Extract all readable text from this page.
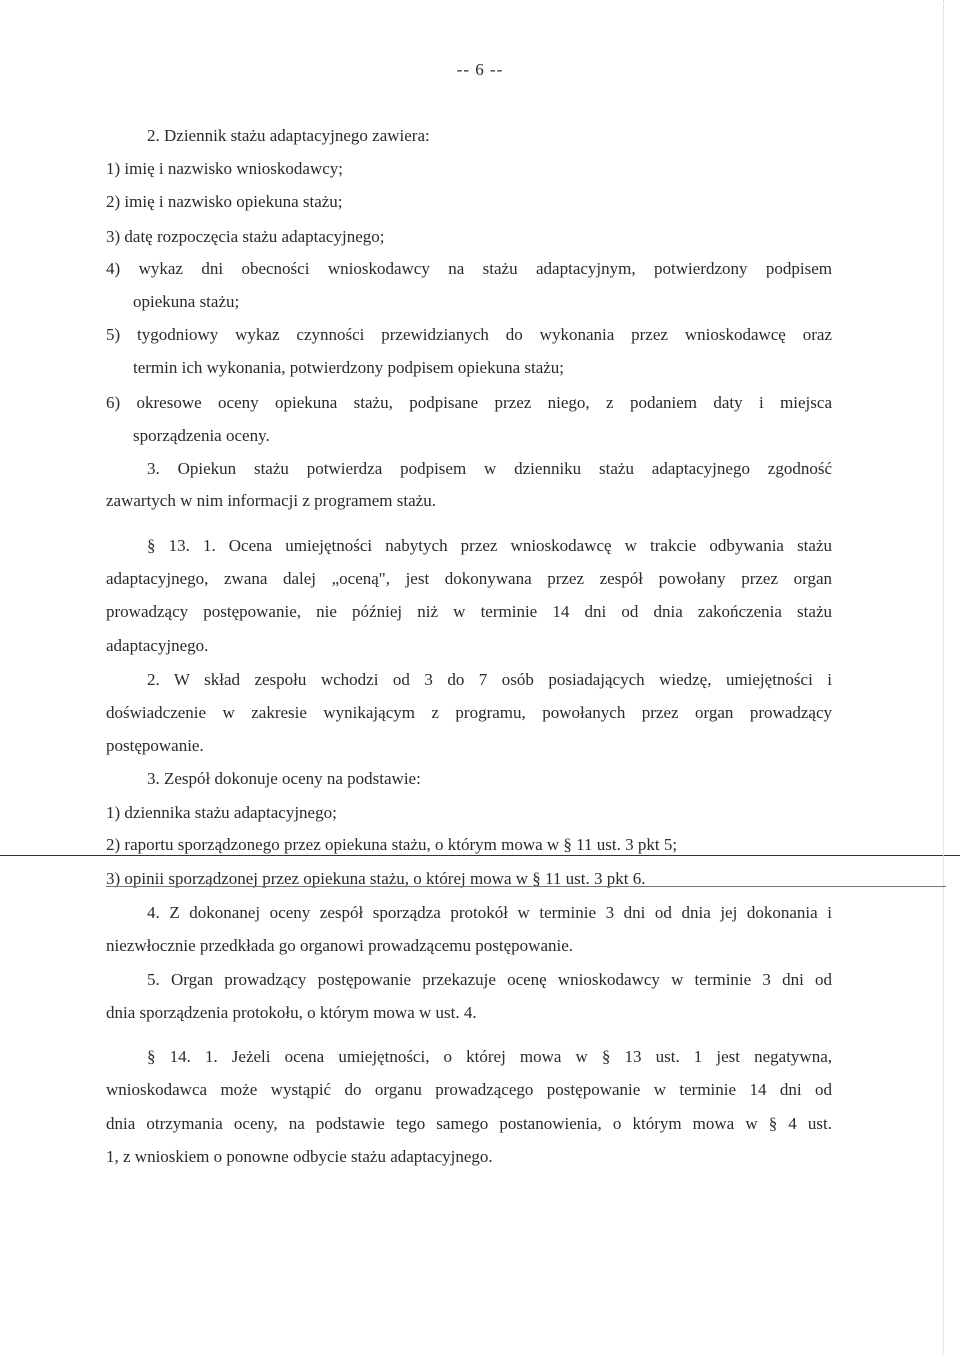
-- 6 --
2. Dziennik stażu adaptacyjnego zawiera:
1) imię i nazwisko wnioskodawcy;
2) imię i nazwisko opiekuna stażu;
3) datę rozpoczęcia stażu adaptacyjnego;
4) wykaz dni obecności wnioskodawcy na stażu adaptacyjnym, potwierdzony podpisem
opiekuna stażu;
5) tygodniowy wykaz czynności przewidzianych do wykonania przez wnioskodawcę oraz
termin ich wykonania, potwierdzony podpisem opiekuna stażu;
6) okresowe oceny opiekuna stażu, podpisane przez niego, z podaniem daty i miejsca
sporządzenia oceny.
3. Opiekun stażu potwierdza podpisem w dzienniku stażu adaptacyjnego zgodność
zawartych w nim informacji z programem stażu.
§ 13. 1. Ocena umiejętności nabytych przez wnioskodawcę w trakcie odbywania stażu
adaptacyjnego, zwana dalej „oceną", jest dokonywana przez zespół powołany przez organ
prowadzący postępowanie, nie później niż w terminie 14 dni od dnia zakończenia stażu
adaptacyjnego.
2. W skład zespołu wchodzi od 3 do 7 osób posiadających wiedzę, umiejętności i
doświadczenie w zakresie wynikającym z programu, powołanych przez organ prowadzący
postępowanie.
3. Zespół dokonuje oceny na podstawie:
1) dziennika stażu adaptacyjnego;
2) raportu sporządzonego przez opiekuna stażu, o którym mowa w § 11 ust. 3 pkt 5;
3) opinii sporządzonej przez opiekuna stażu, o której mowa w § 11 ust. 3 pkt 6.
4. Z dokonanej oceny zespół sporządza protokół w terminie 3 dni od dnia jej dokonania i
niezwłocznie przedkłada go organowi prowadzącemu postępowanie.
5. Organ prowadzący postępowanie przekazuje ocenę wnioskodawcy w terminie 3 dni od
dnia sporządzenia protokołu, o którym mowa w ust. 4.
§ 14. 1. Jeżeli ocena umiejętności, o której mowa w § 13 ust. 1 jest negatywna,
wnioskodawca może wystąpić do organu prowadzącego postępowanie w terminie 14 dni od
dnia otrzymania oceny, na podstawie tego samego postanowienia, o którym mowa w § 4 ust.
1, z wnioskiem o ponowne odbycie stażu adaptacyjnego.
